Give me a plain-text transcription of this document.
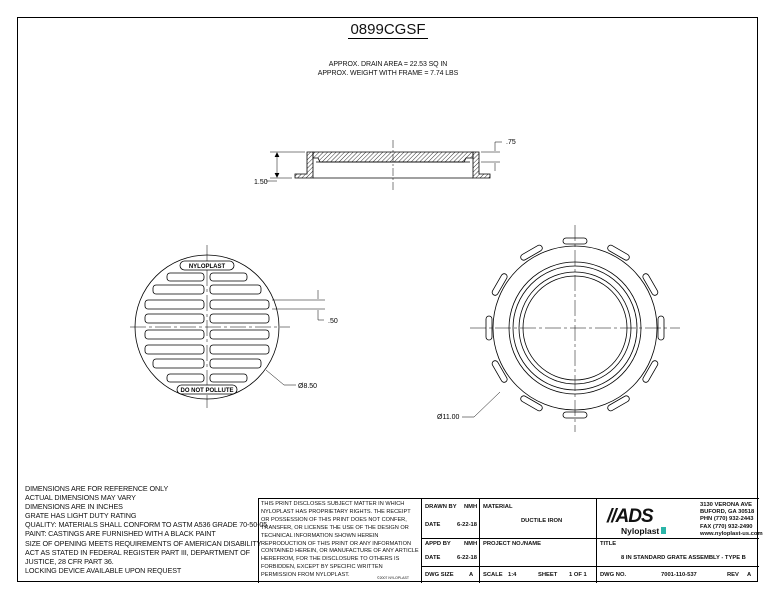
0899CGSF
APPROX. DRAIN AREA = 22.53 SQ IN
APPROX. WEIGHT WITH FRAME = 7.74 LBS
1.50
.75
NYLOPLAST
DO NOT POLLUTE
.50
Ø8.50
Ø11.00
DIMENSIONS ARE FOR REFERENCE ONLY
ACTUAL DIMENSIONS MAY VARY
DIMENSIONS ARE IN INCHES
GRATE HAS LIGHT DUTY RATING
QUALITY: MATERIALS SHALL CONFORM TO ASTM A536 GRADE 70-50-05
PAINT: CASTINGS ARE FURNISHED WITH A BLACK PAINT
SIZE OF OPENING MEETS REQUIREMENTS OF AMERICAN DISABILITY
ACT AS STATED IN FEDERAL REGISTER PART III, DEPARTMENT OF
JUSTICE, 28 CFR PART 36.
LOCKING DEVICE AVAILABLE UPON REQUEST
THIS PRINT DISCLOSES SUBJECT MATTER IN WHICH NYLOPLAST HAS PROPRIETARY RIGHTS. THE RECEIPT OR POSSESSION OF THIS PRINT DOES NOT CONFER, TRANSFER, OR LICENSE THE USE OF THE DESIGN OR TECHNICAL INFORMATION SHOWN HEREIN REPRODUCTION OF THIS PRINT OR ANY INFORMATION CONTAINED HEREIN, OR MANUFACTURE OF ANY ARTICLE HEREFROM, FOR THE DISCLOSURE TO OTHERS IS FORBIDDEN, EXCEPT BY SPECIFIC WRITTEN PERMISSION FROM NYLOPLAST.	©2007 NYLOPLAST
DRAWN BY NMH
DATE	6-22-18
APPD BY NMH
DATE	6-22-18
DWG SIZE	A
MATERIAL
DUCTILE IRON
PROJECT NO./NAME
SCALE 1:4	SHEET 1 OF 1
//ADS
Nyloplast
3130 VERONA AVE
BUFORD, GA 30518
PHN (770) 932-2443
FAX (770) 932-2490
www.nyloplast-us.com
TITLE
8 IN STANDARD GRATE ASSEMBLY - TYPE B
DWG NO.	7001-110-537	REV A
